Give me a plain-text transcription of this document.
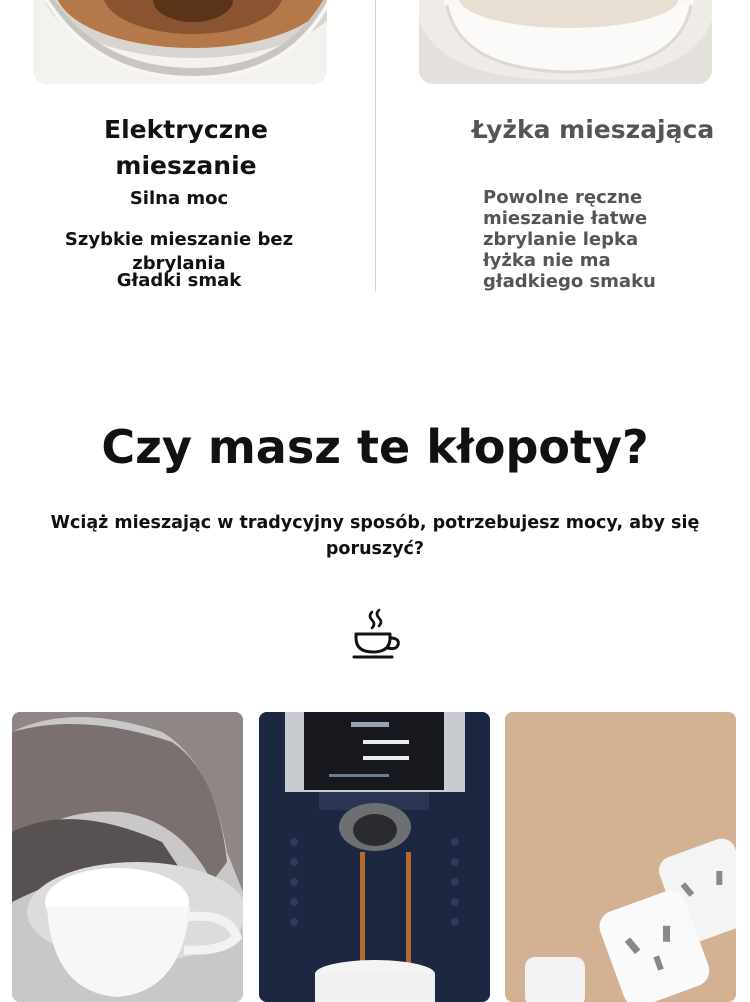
Elektryczne mieszanie
Łyżka mieszająca
Silna moc
Szybkie mieszanie bez zbrylania
Gładki smak
Powolne ręczne
mieszanie łatwe
zbrylanie lepka
łyżka nie ma
gładkiego smaku
Czy masz te kłopoty?
Wciąż mieszając w tradycyjny sposób, potrzebujesz mocy, aby się poruszyć?
